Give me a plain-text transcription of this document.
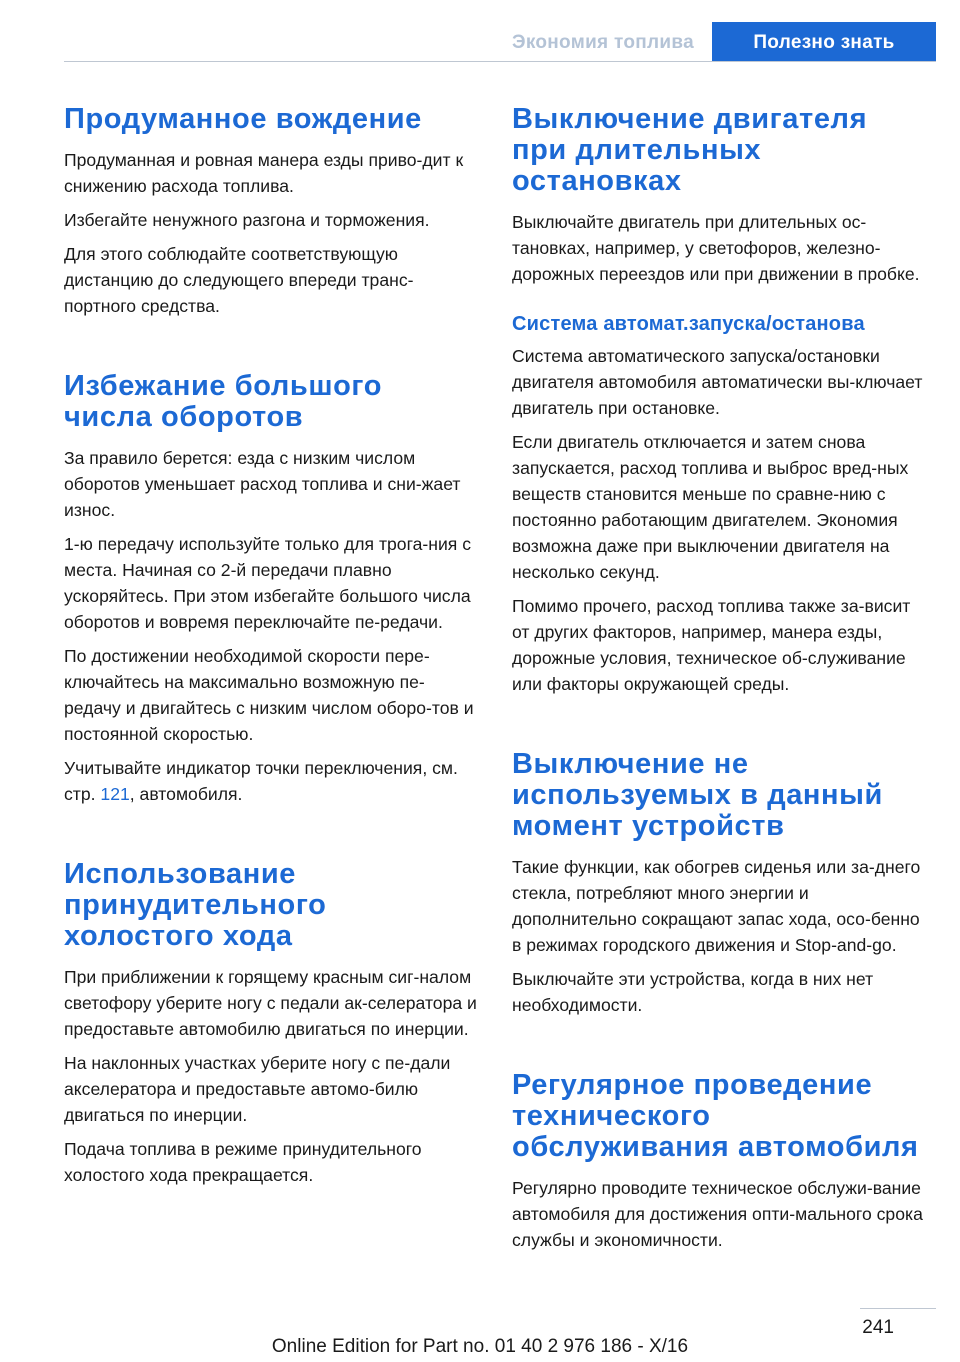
Экономия топлива	Полезно знать
Продуманное вождение

Продуманная и ровная манера езды приво-дит к снижению расхода топлива.

Избегайте ненужного разгона и торможения.

Для этого соблюдайте соответствующую дистанцию до следующего впереди транс-портного средства.

Избежание большого числа оборотов

За правило берется: езда с низким числом оборотов уменьшает расход топлива и сни-жает износ.

1-ю передачу используйте только для трога-ния с места. Начиная со 2-й передачи плавно ускоряйтесь. При этом избегайте большого числа оборотов и вовремя переключайте пе-редачи.

По достижении необходимой скорости пере-ключайтесь на максимально возможную пе-редачу и двигайтесь с низким числом оборо-тов и постоянной скоростью.

Учитывайте индикатор точки переключения, см. стр. 121, автомобиля.

Использование принудительного холостого хода

При приближении к горящему красным сиг-налом светофору уберите ногу с педали ак-селератора и предоставьте автомобилю двигаться по инерции.

На наклонных участках уберите ногу с пе-дали акселератора и предоставьте автомо-билю двигаться по инерции.

Подача топлива в режиме принудительного холостого хода прекращается.

Выключение двигателя при длительных остановках

Выключайте двигатель при длительных ос-тановках, например, у светофоров, железно-дорожных переездов или при движении в пробке.

Система автомат.запуска/останова

Система автоматического запуска/остановки двигателя автомобиля автоматически вы-ключает двигатель при остановке.

Если двигатель отключается и затем снова запускается, расход топлива и выброс вред-ных веществ становится меньше по сравне-нию с постоянно работающим двигателем. Экономия возможна даже при выключении двигателя на несколько секунд.

Помимо прочего, расход топлива также за-висит от других факторов, например, манера езды, дорожные условия, техническое об-служивание или факторы окружающей среды.

Выключение не используемых в данный момент устройств

Такие функции, как обогрев сиденья или за-днего стекла, потребляют много энергии и дополнительно сокращают запас хода, осо-бенно в режимах городского движения и Stop-and-go.

Выключайте эти устройства, когда в них нет необходимости.

Регулярное проведение технического обслуживания автомобиля

Регулярно проводите техническое обслужи-вание автомобиля для достижения опти-мального срока службы и экономичности.

241
Online Edition for Part no. 01 40 2 976 186 - X/16
